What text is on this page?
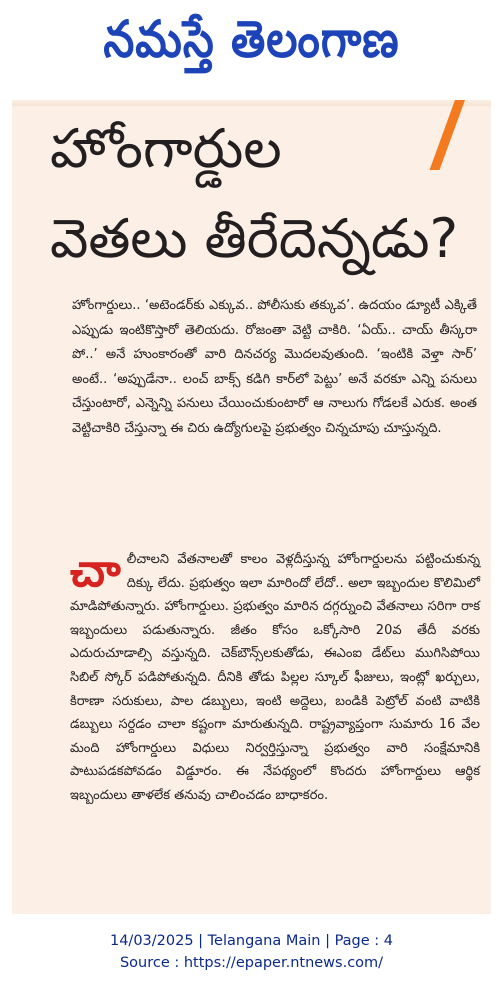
నమస్తే తెలంగాణ
హోంగార్డుల
వెతలు తీరేదెన్నడు?

హోంగార్డులు.. ‘అటెండర్‌కు ఎక్కువ.. పోలీసుకు తక్కువ’. ఉదయం డ్యూటీ ఎక్కితే ఎప్పుడు ఇంటికొస్తారో తెలియదు. రోజంతా వెట్టి చాకిరి. ‘ఏయ్.. చాయ్ తీస్కరా పో..’ అనే హుంకారంతో వారి దినచర్య మొదలవుతుంది. ‘ఇంటికి వెళ్తా సార్’ అంటే.. ‘అప్పుడేనా.. లంచ్ బాక్స్ కడిగి కార్‌లో పెట్టు’ అనే వరకూ ఎన్ని పనులు చేస్తుంటారో, ఎన్నెన్ని పనులు చేయించుకుంటారో ఆ నాలుగు గోడలకే ఎరుక. అంత వెట్టిచాకిరి చేస్తున్నా ఈ చిరు ఉద్యోగులపై ప్రభుత్వం చిన్నచూపు చూస్తున్నది.

చా లీచాలని వేతనాలతో కాలం వెళ్లదీస్తున్న హోంగార్డులను పట్టించుకున్న దిక్కు లేదు. ప్రభుత్వం ఇలా మారిందో లేదో.. అలా ఇబ్బందుల కొలిమిలో మాడిపోతున్నారు. హోంగార్డులు. ప్రభుత్వం మారిన దగ్గర్నుంచి వేతనాలు సరిగా రాక ఇబ్బందులు పడుతున్నారు. జీతం కోసం ఒక్కోసారి 20వ తేదీ వరకు ఎదురుచూడాల్సి వస్తున్నది. చెక్‌బౌన్స్‌లకుతోడు, ఈఎంఐ డేట్‌లు ముగిసిపోయి సిబిల్ స్కోర్ పడిపోతున్నది. దీనికి తోడు పిల్లల స్కూల్ ఫీజులు, ఇంట్లో ఖర్చులు, కిరాణా సరుకులు, పాల డబ్బులు, ఇంటి అద్దెలు, బండికి పెట్రోల్ వంటి వాటికి డబ్బులు సర్దడం చాలా కష్టంగా మారుతున్నది. రాష్ట్రవ్యాప్తంగా సుమారు 16 వేల మంది హోంగార్డులు విధులు నిర్వర్తిస్తున్నా ప్రభుత్వం వారి సంక్షేమానికి పాటుపడకపోవడం విడ్డూరం. ఈ నేపథ్యంలో కొందరు హోంగార్డులు ఆర్థిక ఇబ్బందులు తాళలేక తనువు చాలించడం బాధాకరం.

14/03/2025 | Telangana Main | Page : 4
Source : https://epaper.ntnews.com/
